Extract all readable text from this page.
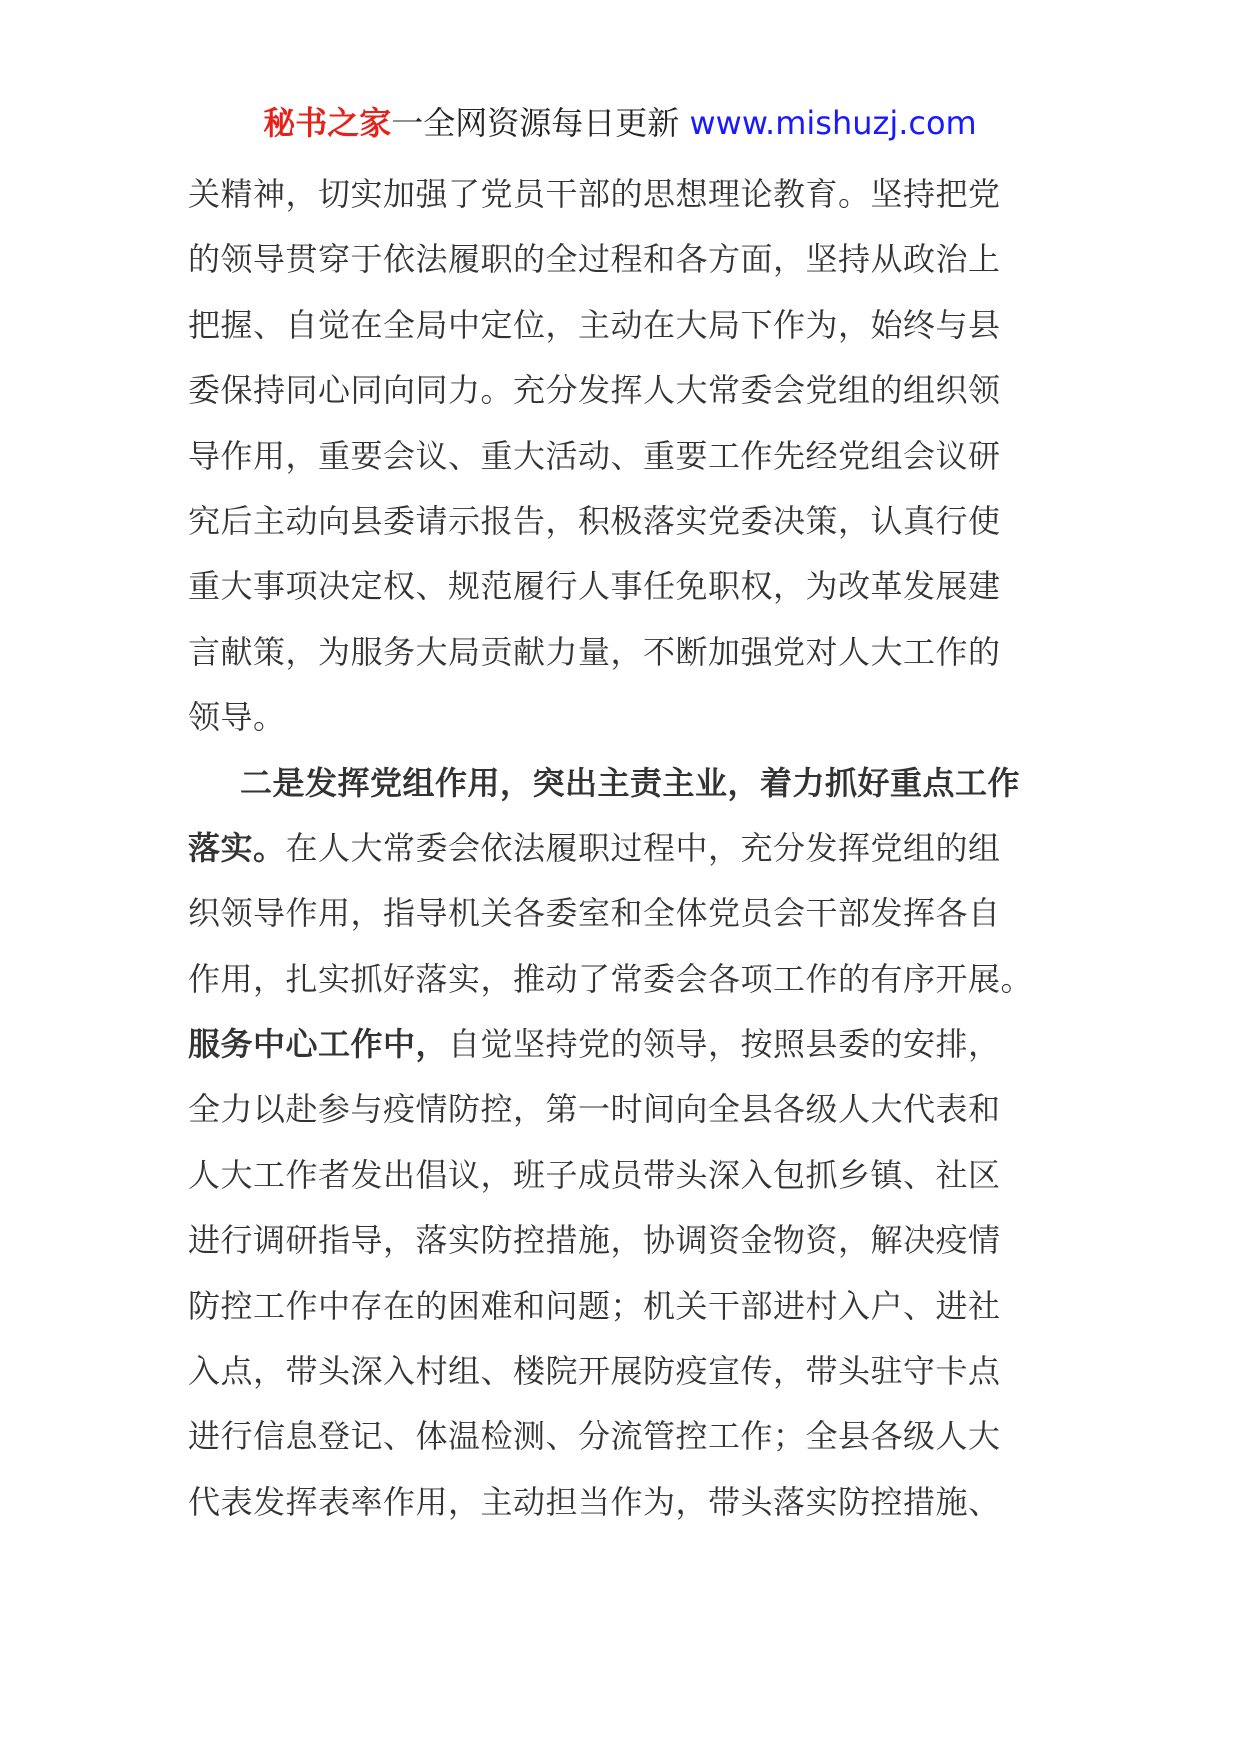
秘书之家一全网资源每日更新 www.mishuzj.com
关精神，切实加强了党员干部的思想理论教育。坚持把党
的领导贯穿于依法履职的全过程和各方面，坚持从政治上
把握、自觉在全局中定位，主动在大局下作为，始终与县
委保持同心同向同力。充分发挥人大常委会党组的组织领
导作用，重要会议、重大活动、重要工作先经党组会议研
究后主动向县委请示报告，积极落实党委决策，认真行使
重大事项决定权、规范履行人事任免职权，为改革发展建
言献策，为服务大局贡献力量，不断加强党对人大工作的
领导。
二是发挥党组作用，突出主责主业，着力抓好重点工作
落实。在人大常委会依法履职过程中，充分发挥党组的组
织领导作用，指导机关各委室和全体党员会干部发挥各自
作用，扎实抓好落实，推动了常委会各项工作的有序开展。
服务中心工作中，自觉坚持党的领导，按照县委的安排，
全力以赴参与疫情防控，第一时间向全县各级人大代表和
人大工作者发出倡议，班子成员带头深入包抓乡镇、社区
进行调研指导，落实防控措施，协调资金物资，解决疫情
防控工作中存在的困难和问题；机关干部进村入户、进社
入点，带头深入村组、楼院开展防疫宣传，带头驻守卡点
进行信息登记、体温检测、分流管控工作；全县各级人大
代表发挥表率作用，主动担当作为，带头落实防控措施、
